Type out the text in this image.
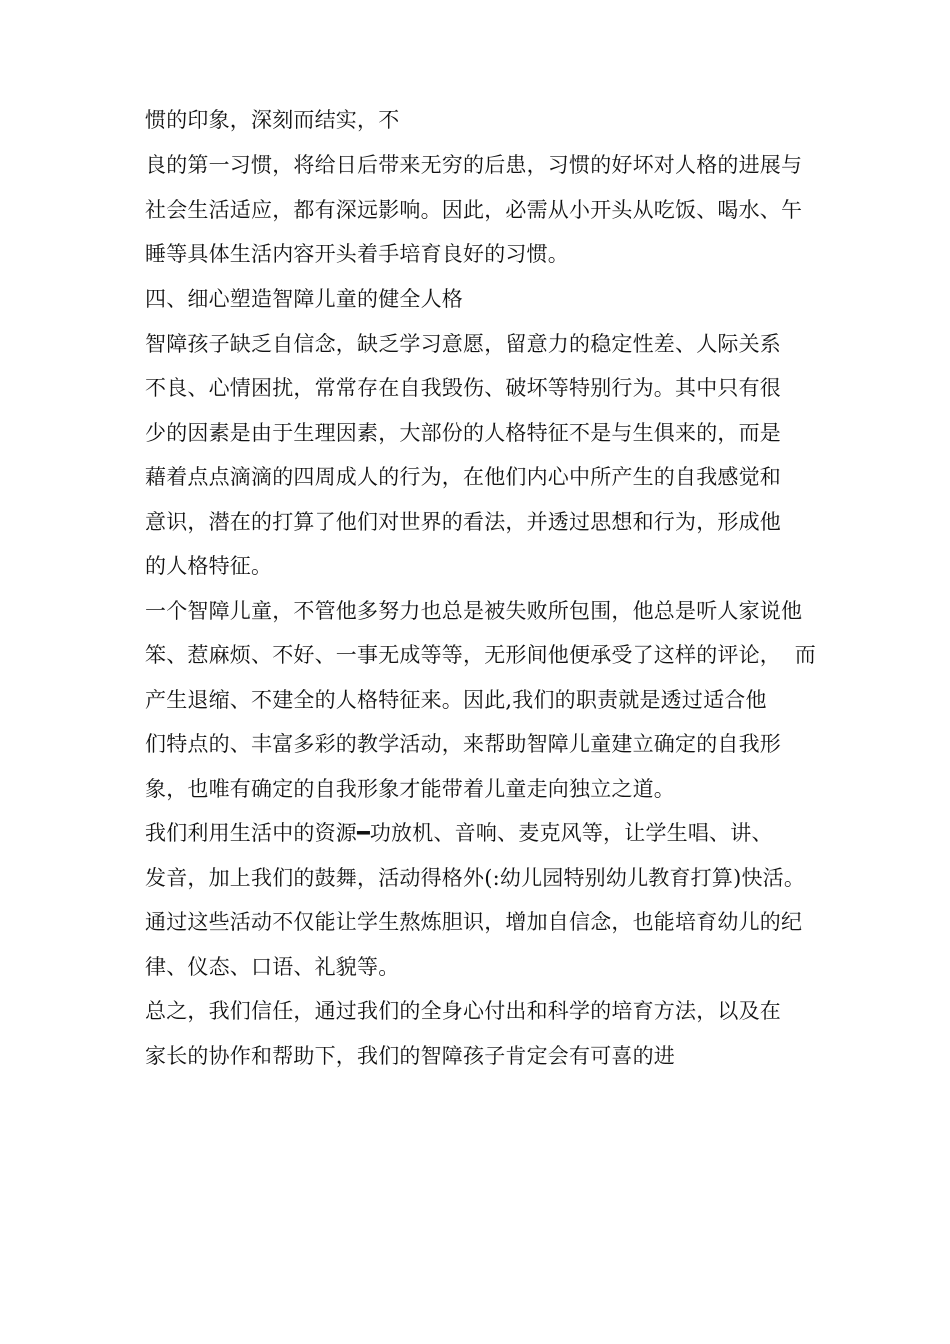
惯的印象，深刻而结实，不
良的第一习惯，将给日后带来无穷的后患，习惯的好坏对人格的进展与
社会生活适应，都有深远影响。因此，必需从小开头从吃饭、喝水、午
睡等具体生活内容开头着手培育良好的习惯。
四、细心塑造智障儿童的健全人格
智障孩子缺乏自信念，缺乏学习意愿，留意力的稳定性差、人际关系
不良、心情困扰，常常存在自我毁伤、破坏等特别行为。其中只有很
少的因素是由于生理因素，大部份的人格特征不是与生俱来的，而是
藉着点点滴滴的四周成人的行为，在他们内心中所产生的自我感觉和
意识，潜在的打算了他们对世界的看法，并透过思想和行为，形成他
的人格特征。
一个智障儿童，不管他多努力也总是被失败所包围，他总是听人家说他
笨、惹麻烦、不好、一事无成等等，无形间他便承受了这样的评论，  而
产生退缩、不建全的人格特征来。因此,我们的职责就是透过适合他
们特点的、丰富多彩的教学活动，来帮助智障儿童建立确定的自我形
象，也唯有确定的自我形象才能带着儿童走向独立之道。
我们利用生活中的资源━功放机、音响、麦克风等，让学生唱、讲、
发音，加上我们的鼓舞，活动得格外(:幼儿园特别幼儿教育打算)快活。
通过这些活动不仅能让学生熬炼胆识，增加自信念，也能培育幼儿的纪
律、仪态、口语、礼貌等。
总之，我们信任，通过我们的全身心付出和科学的培育方法，以及在
家长的协作和帮助下，我们的智障孩子肯定会有可喜的进
